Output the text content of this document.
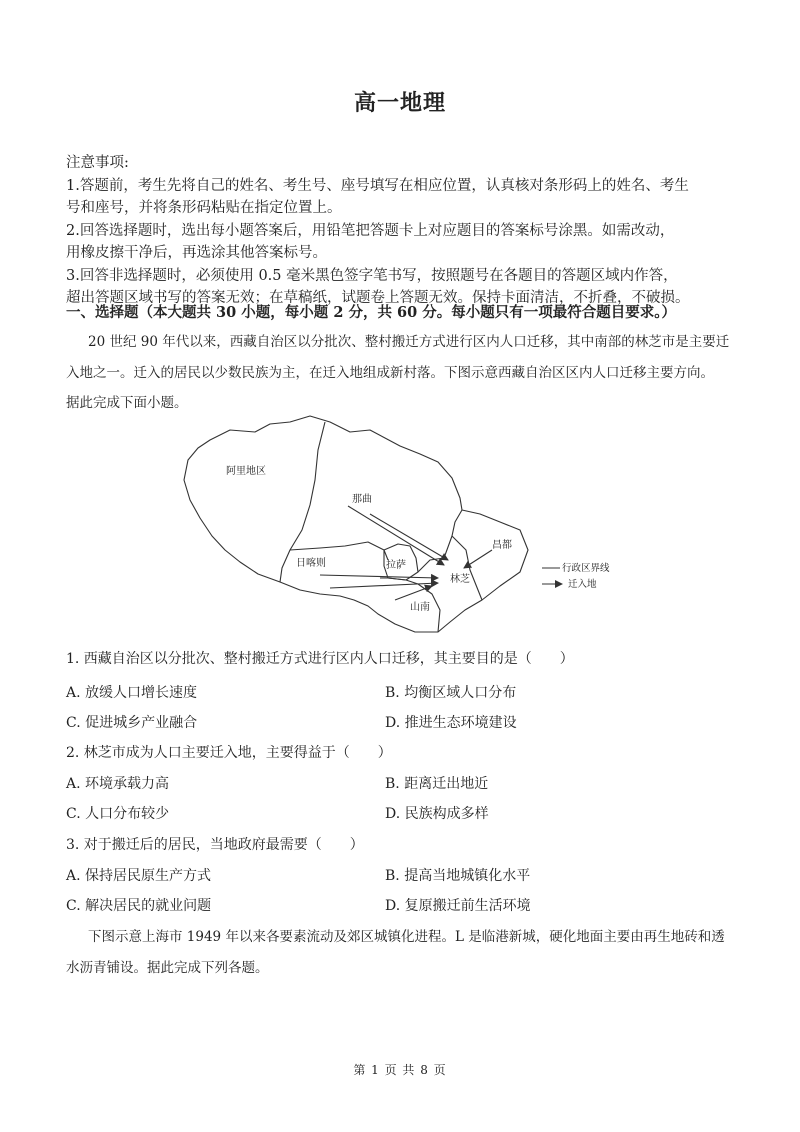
高一地理
注意事项:
1.答题前，考生先将自己的姓名、考生号、座号填写在相应位置，认真核对条形码上的姓名、考生
号和座号，并将条形码粘贴在指定位置上。
2.回答选择题时，选出每小题答案后，用铅笔把答题卡上对应题目的答案标号涂黑。如需改动，
用橡皮擦干净后，再选涂其他答案标号。
3.回答非选择题时，必须使用 0.5 毫米黑色签字笔书写，按照题号在各题目的答题区域内作答，
超出答题区域书写的答案无效；在草稿纸，试题卷上答题无效。保持卡面清洁，不折叠，不破损。
一、选择题（本大题共 30 小题，每小题 2 分，共 60 分。每小题只有一项最符合题目要求。）
20 世纪 90 年代以来，西藏自治区以分批次、整村搬迁方式进行区内人口迁移，其中南部的林芝市是主要迁
入地之一。迁入的居民以少数民族为主，在迁入地组成新村落。下图示意西藏自治区区内人口迁移主要方向。
据此完成下面小题。
阿里地区
那曲
昌都
日喀则	拉萨
林芝
山南
行政区界线
迁入地
1. 西藏自治区以分批次、整村搬迁方式进行区内人口迁移，其主要目的是（　　）
A. 放缓人口增长速度	B. 均衡区域人口分布
C. 促进城乡产业融合	D. 推进生态环境建设
2. 林芝市成为人口主要迁入地，主要得益于（　　）
A. 环境承载力高	B. 距离迁出地近
C. 人口分布较少	D. 民族构成多样
3. 对于搬迁后的居民，当地政府最需要（　　）
A. 保持居民原生产方式	B. 提高当地城镇化水平
C. 解决居民的就业问题	D. 复原搬迁前生活环境
下图示意上海市 1949 年以来各要素流动及郊区城镇化进程。L 是临港新城，硬化地面主要由再生地砖和透
水沥青铺设。据此完成下列各题。
第 1 页 共 8 页
